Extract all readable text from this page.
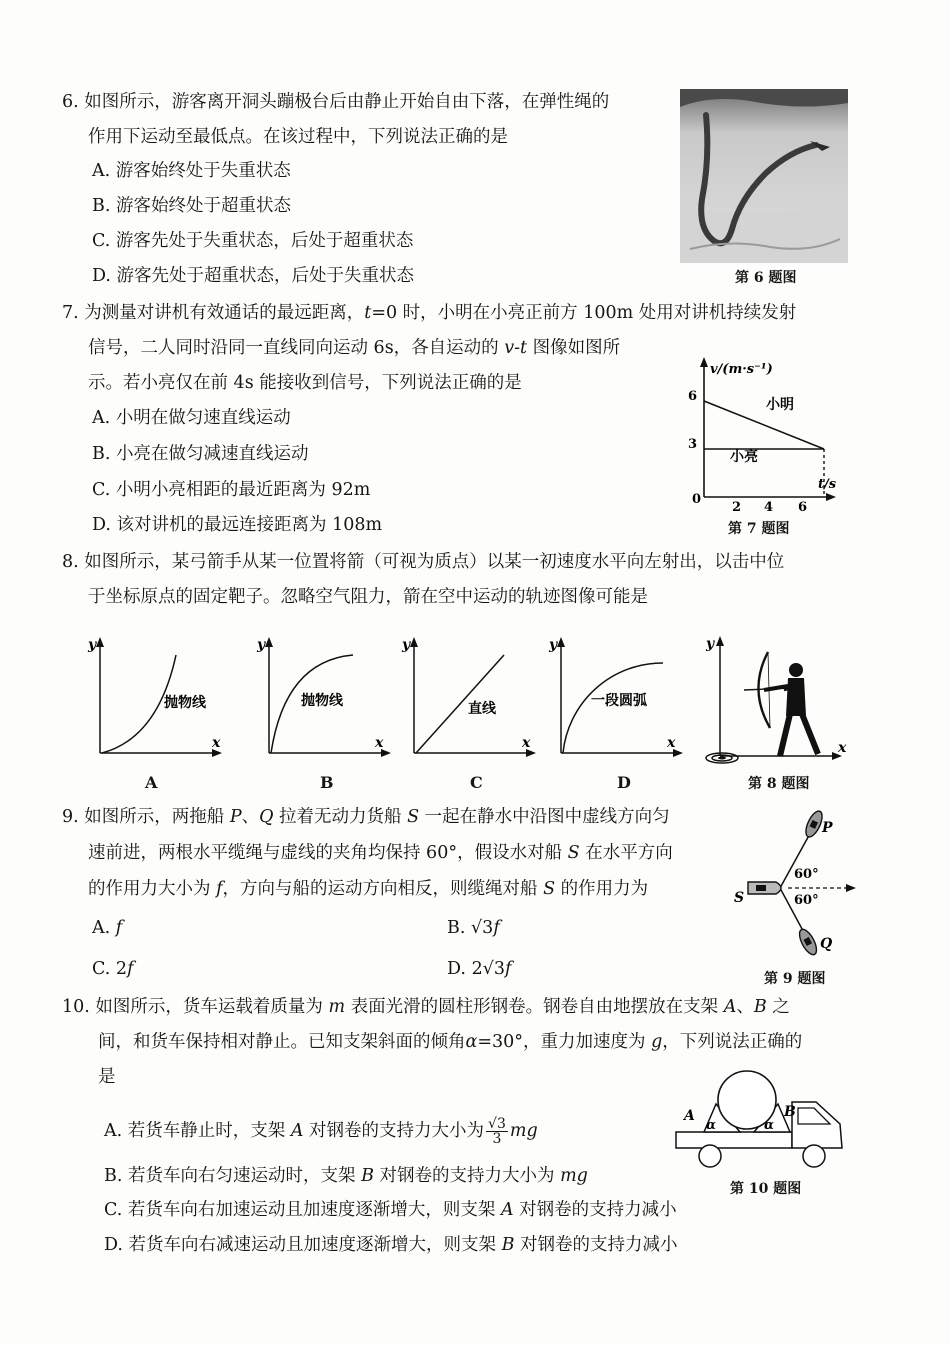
6. 如图所示，游客离开洞头蹦极台后由静止开始自由下落，在弹性绳的
作用下运动至最低点。在该过程中，下列说法正确的是
A. 游客始终处于失重状态
B. 游客始终处于超重状态
C. 游客先处于失重状态，后处于超重状态
D. 游客先处于超重状态，后处于失重状态	第 6 题图
7. 为测量对讲机有效通话的最远距离，t=0 时，小明在小亮正前方 100m 处用对讲机持续发射
信号，二人同时沿同一直线同向运动 6s，各自运动的 v-t 图像如图所
示。若小亮仅在前 4s 能接收到信号，下列说法正确的是
A. 小明在做匀速直线运动
B. 小亮在做匀减速直线运动
C. 小明小亮相距的最近距离为 92m
D. 该对讲机的最远连接距离为 108m
v/(m·s⁻¹)
t/s
0
6
3
2 4 6
小明
小亮
第 7 题图
8. 如图所示，某弓箭手从某一位置将箭（可视为质点）以某一初速度水平向左射出，以击中位
于坐标原点的固定靶子。忽略空气阻力，箭在空中运动的轨迹图像可能是
y
x
抛物线
A
y
x
抛物线
B
y
x
直线
C
y
x
一段圆弧
D
y
x
第 8 题图
9. 如图所示，两拖船 P、Q 拉着无动力货船 S 一起在静水中沿图中虚线方向匀
速前进，两根水平缆绳与虚线的夹角均保持 60°，假设水对船 S 在水平方向
的作用力大小为 f，方向与船的运动方向相反，则缆绳对船 S 的作用力为
A. f	B. √3f
C. 2f	D. 2√3f
P
Q
S
60°
60°
第 9 题图
10. 如图所示，货车运载着质量为 m 表面光滑的圆柱形钢卷。钢卷自由地摆放在支架 A、B 之
间，和货车保持相对静止。已知支架斜面的倾角α=30°，重力加速度为 g，下列说法正确的
是
A. 若货车静止时，支架 A 对钢卷的支持力大小为 $\frac{√3}{3}$ mg
B. 若货车向右匀速运动时，支架 B 对钢卷的支持力大小为 mg
C. 若货车向右加速运动且加速度逐渐增大，则支架 A 对钢卷的支持力减小
D. 若货车向右减速运动且加速度逐渐增大，则支架 B 对钢卷的支持力减小
A	B
α	α
第 10 题图
